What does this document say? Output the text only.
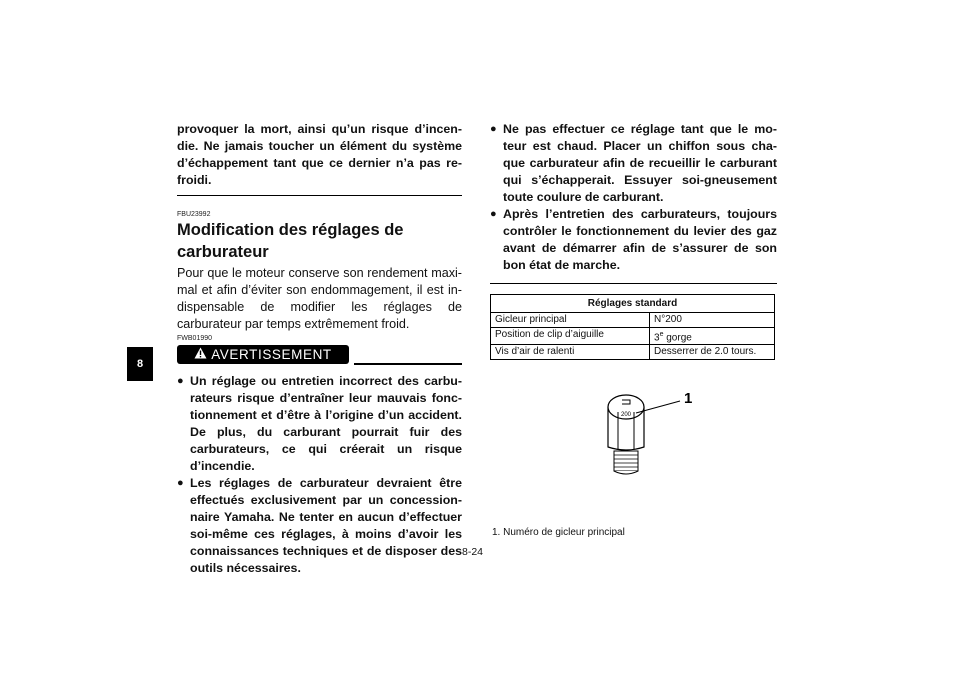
8

provoquer la mort, ainsi qu’un risque d’incen-die. Ne jamais toucher un élément du système d’échappement tant que ce dernier n’a pas re-froidi.

FBU23992

Modification des réglages de carburateur

Pour que le moteur conserve son rendement maxi-mal et afin d’éviter son endommagement, il est in-dispensable de modifier les réglages de carburateur par temps extrêmement froid.

FWB01990

AVERTISSEMENT
● Un réglage ou entretien incorrect des carbu-rateurs risque d’entraîner leur mauvais fonc-tionnement et d’être à l’origine d’un accident. De plus, du carburant pourrait fuir des carburateurs, ce qui créerait un risque d’incendie.
● Les réglages de carburateur devraient être effectués exclusivement par un concession-naire Yamaha. Ne tenter en aucun d’effectuer soi-même ces réglages, à moins d’avoir les connaissances techniques et de disposer des outils nécessaires.
● Ne pas effectuer ce réglage tant que le mo-teur est chaud. Placer un chiffon sous cha-que carburateur afin de recueillir le carburant qui s’échapperait. Essuyer soi-gneusement toute coulure de carburant.
● Après l’entretien des carburateurs, toujours contrôler le fonctionnement du levier des gaz avant de démarrer afin de s’assurer de son bon état de marche.
Réglages standard	
Gicleur principal	N°200
Position de clip d’aiguille	3e gorge
Vis d’air de ralenti	Desserrer de 2.0 tours.
200
1
1. Numéro de gicleur principal
8-24
